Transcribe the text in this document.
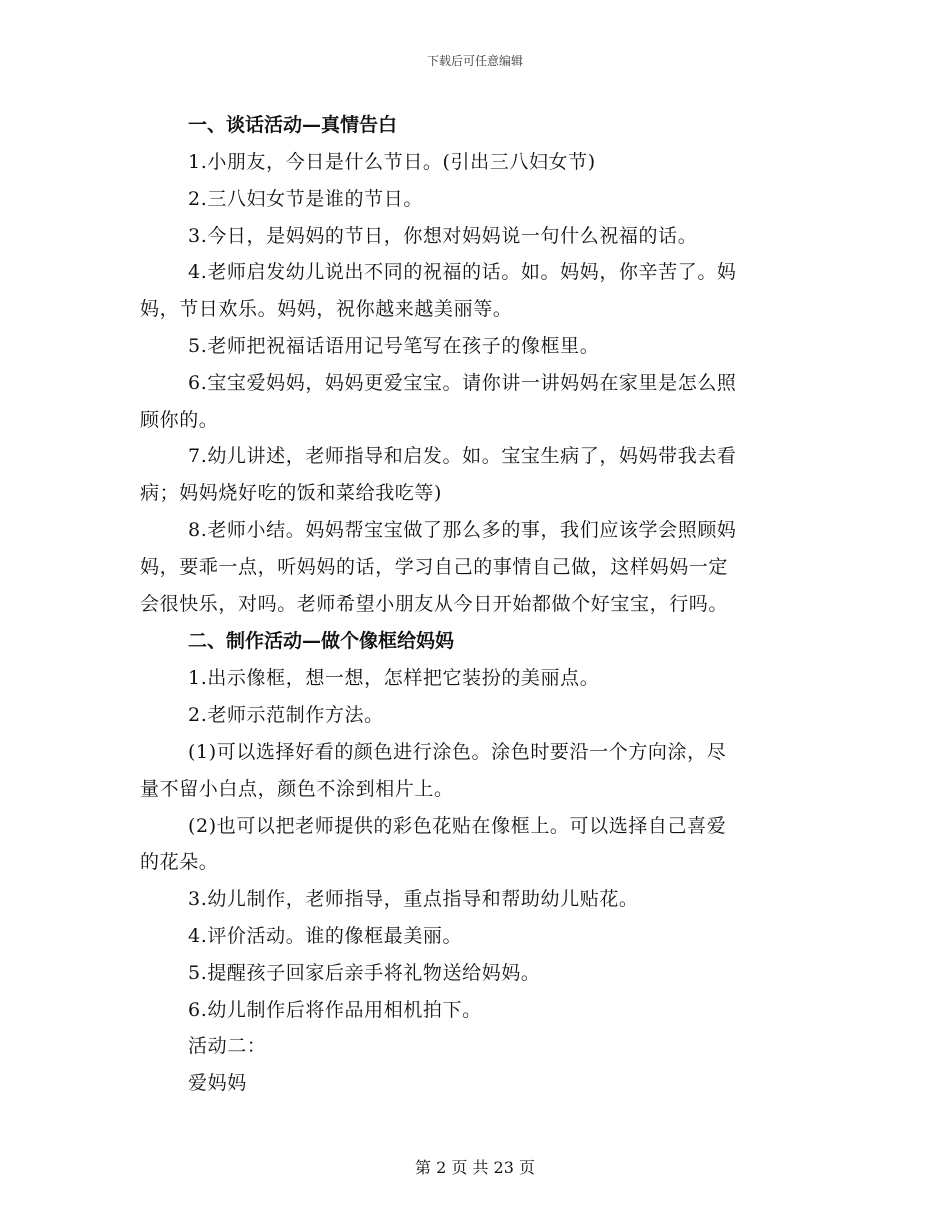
下载后可任意编辑
一、谈话活动—真情告白
1.小朋友，今日是什么节日。(引出三八妇女节)
2.三八妇女节是谁的节日。
3.今日，是妈妈的节日，你想对妈妈说一句什么祝福的话。
4.老师启发幼儿说出不同的祝福的话。如。妈妈，你辛苦了。妈
妈，节日欢乐。妈妈，祝你越来越美丽等。
5.老师把祝福话语用记号笔写在孩子的像框里。
6.宝宝爱妈妈，妈妈更爱宝宝。请你讲一讲妈妈在家里是怎么照
顾你的。
7.幼儿讲述，老师指导和启发。如。宝宝生病了，妈妈带我去看
病；妈妈烧好吃的饭和菜给我吃等)
8.老师小结。妈妈帮宝宝做了那么多的事，我们应该学会照顾妈
妈，要乖一点，听妈妈的话，学习自己的事情自己做，这样妈妈一定
会很快乐，对吗。老师希望小朋友从今日开始都做个好宝宝，行吗。
二、制作活动—做个像框给妈妈
1.出示像框，想一想，怎样把它装扮的美丽点。
2.老师示范制作方法。
(1)可以选择好看的颜色进行涂色。涂色时要沿一个方向涂，尽
量不留小白点，颜色不涂到相片上。
(2)也可以把老师提供的彩色花贴在像框上。可以选择自己喜爱
的花朵。
3.幼儿制作，老师指导，重点指导和帮助幼儿贴花。
4.评价活动。谁的像框最美丽。
5.提醒孩子回家后亲手将礼物送给妈妈。
6.幼儿制作后将作品用相机拍下。
活动二：
爱妈妈
第 2 页 共 23 页
